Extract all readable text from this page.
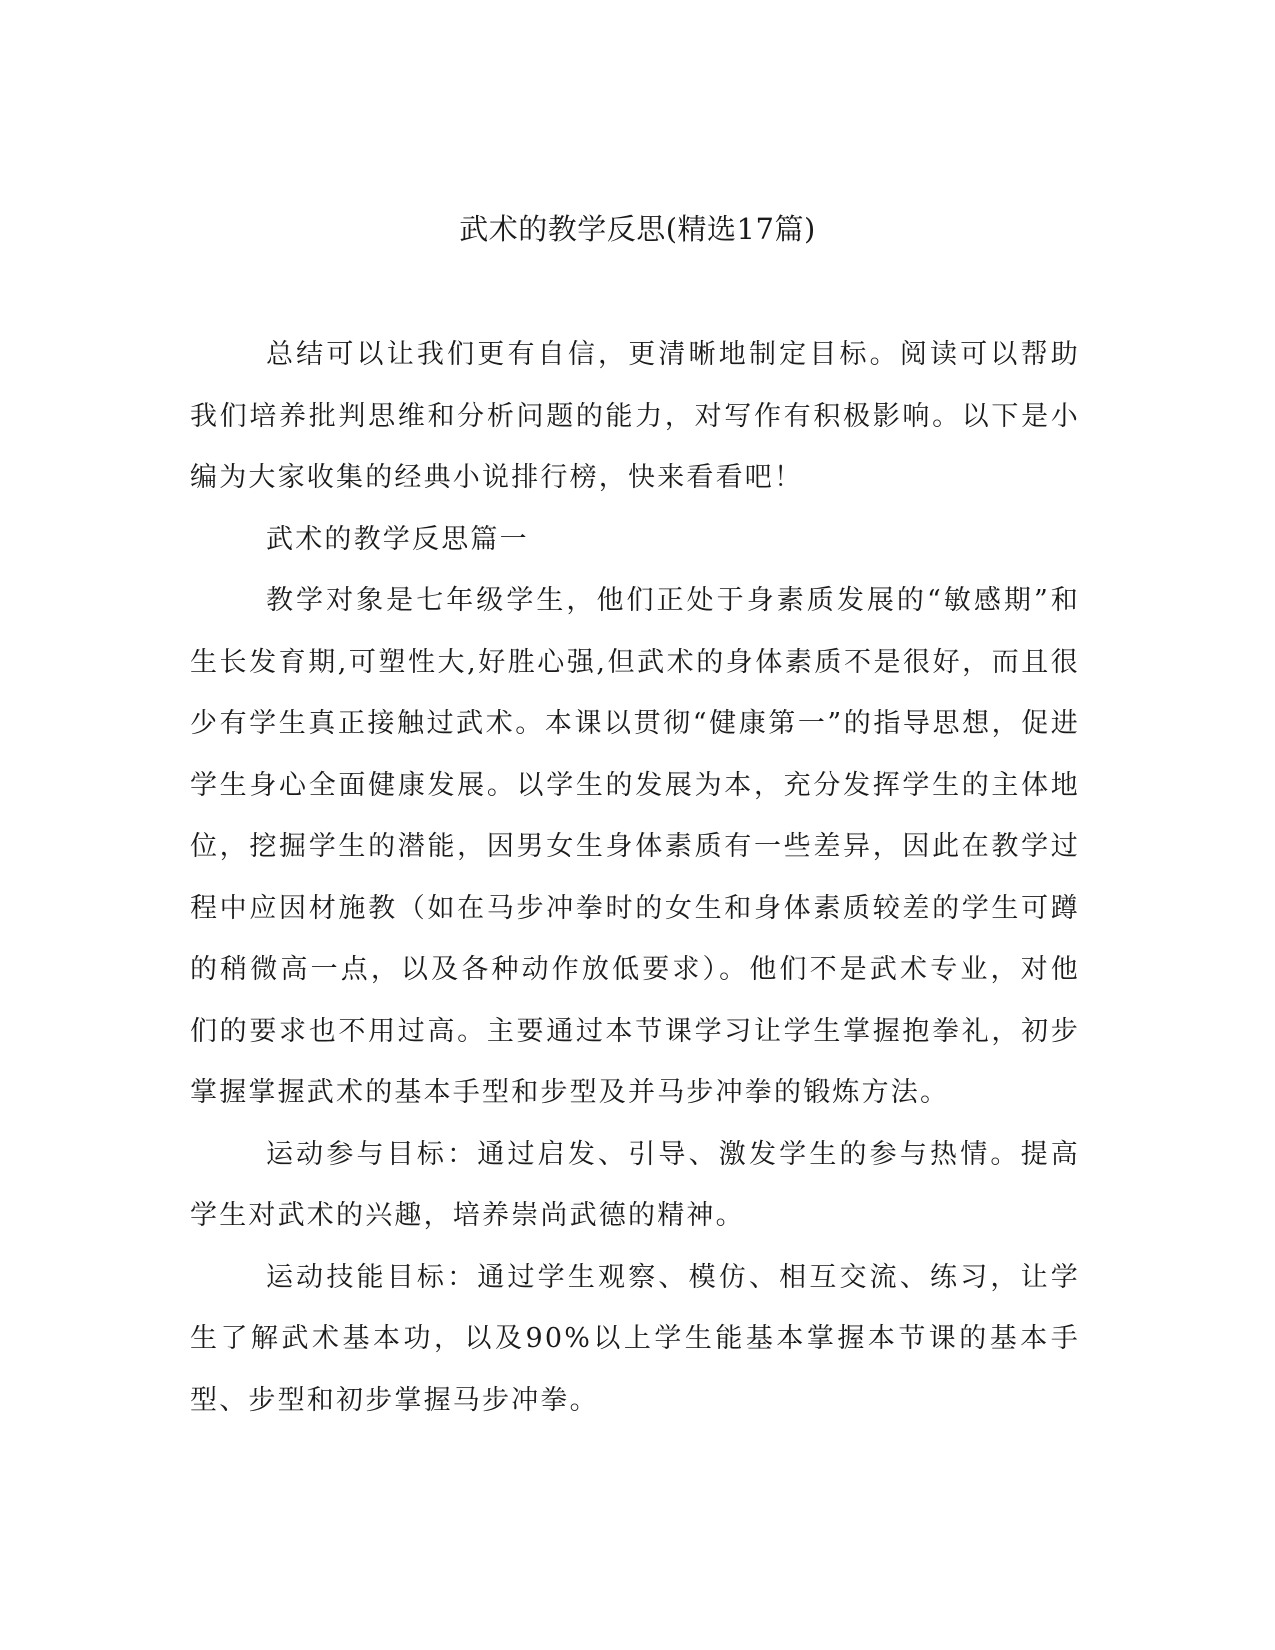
武术的教学反思(精选17篇)

总结可以让我们更有自信，更清晰地制定目标。阅读可以帮助我们培养批判思维和分析问题的能力，对写作有积极影响。以下是小编为大家收集的经典小说排行榜，快来看看吧！

武术的教学反思篇一

教学对象是七年级学生，他们正处于身素质发展的“敏感期”和生长发育期,可塑性大,好胜心强,但武术的身体素质不是很好，而且很少有学生真正接触过武术。本课以贯彻“健康第一”的指导思想，促进学生身心全面健康发展。以学生的发展为本，充分发挥学生的主体地位，挖掘学生的潜能，因男女生身体素质有一些差异，因此在教学过程中应因材施教（如在马步冲拳时的女生和身体素质较差的学生可蹲的稍微高一点，以及各种动作放低要求）。他们不是武术专业，对他们的要求也不用过高。主要通过本节课学习让学生掌握抱拳礼，初步掌握掌握武术的基本手型和步型及并马步冲拳的锻炼方法。

运动参与目标：通过启发、引导、激发学生的参与热情。提高学生对武术的兴趣，培养崇尚武德的精神。

运动技能目标：通过学生观察、模仿、相互交流、练习，让学生了解武术基本功，以及90%以上学生能基本掌握本节课的基本手型、步型和初步掌握马步冲拳。
